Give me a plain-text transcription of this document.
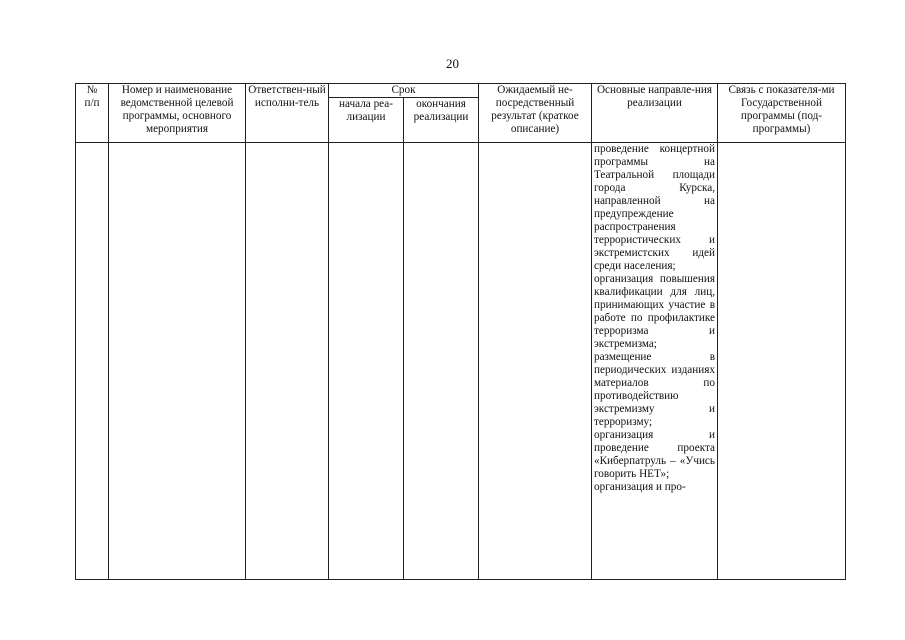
20
№
п/п	Номер и наименование ведомственной целевой программы, основного мероприятия	Ответствен-ный исполни-тель	Срок		Ожидаемый не-посредственный результат (краткое описание)	Основные направле-ния реализации	Связь с показателя-ми Государственной программы (под-программы)
			начала реа-лизации	окончания реализации			
						проведение концертной программы на Театральной площади города Курска, направленной на предупреждение распространения террористических и экстремистских идей среди населения;
организация повышения квалификации для лиц, принимающих участие в работе по профилактике терроризма и экстремизма;
размещение в периодических изданиях материалов по противодействию экстремизму и терроризму;
организация и проведение проекта «Киберпатруль – «Учись говорить НЕТ»;
организация и про-	
